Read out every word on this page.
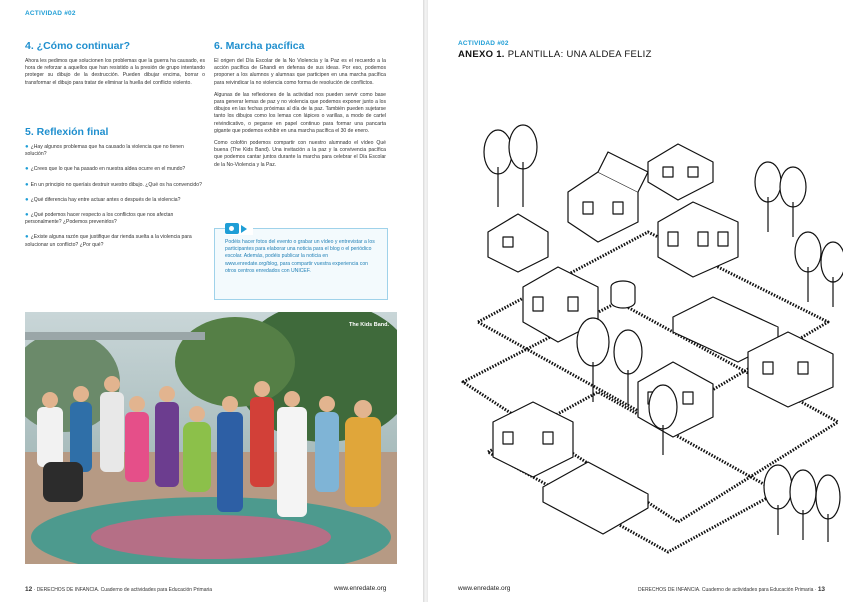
ACTIVIDAD #02
4. ¿Cómo continuar?

Ahora les pedimos que solucionen los problemas que la guerra ha causado, es hora de reforzar a aquellos que han resistido a la presión de grupo intentando proteger su dibujo de la destrucción. Pueden dibujar encima, borrar o transformar el dibujo para tratar de eliminar la huella del conflicto violento.

5. Reflexión final
● ¿Hay algunos problemas que ha causado la violencia que no tienen solución?
● ¿Crees que lo que ha pasado en nuestra aldea ocurre en el mundo?
● En un principio no queríais destruir vuestro dibujo. ¿Qué os ha convencido?
● ¿Qué diferencia hay entre actuar antes o después de la violencia?
● ¿Qué podemos hacer respecto a los conflictos que nos afectan personalmente? ¿Podemos prevenirlos?
● ¿Existe alguna razón que justifique dar rienda suelta a la violencia para solucionar un conflicto? ¿Por qué?
6. Marcha pacífica

El origen del Día Escolar de la No Violencia y la Paz es el recuerdo a la acción pacífica de Ghandi en defensa de sus ideas. Por eso, podemos proponer a los alumnos y alumnas que participen en una marcha pacífica para reivindicar la no violencia como forma de resolución de conflictos.

Algunas de las reflexiones de la actividad nos pueden servir como base para generar lemas de paz y no violencia que podemos exponer junto a los dibujos en las fechas próximas al día de la paz. También pueden sujetarse tanto los dibujos como los lemas con lápices o varillas, a modo de cartel reivindicativo, o pegarse en papel continuo para formar una pancarta gigante que podemos exhibir en una marcha pacífica el 30 de enero.

Como colofón podemos compartir con nuestro alumnado el vídeo Qué buena (The Kids Band). Una invitación a la paz y la convivencia pacífica que podemos cantar juntos durante la marcha para celebrar el Día Escolar de la No-Violencia y la Paz.

Podéis hacer fotos del evento o grabar un vídeo y entrevistar a los participantes para elaborar una noticia para el blog o el periódico escolar. Además, podéis publicar la noticia en www.enredate.org/blog, para compartir vuestra experiencia con otros centros enredados con UNICEF.
The Kids Band.
12 · DERECHOS DE INFANCIA. Cuaderno de actividades para Educación Primaria	www.enredate.org
ACTIVIDAD #02
ANEXO 1. PLANTILLA: UNA ALDEA FELIZ
www.enredate.org	DERECHOS DE INFANCIA. Cuaderno de actividades para Educación Primaria · 13
